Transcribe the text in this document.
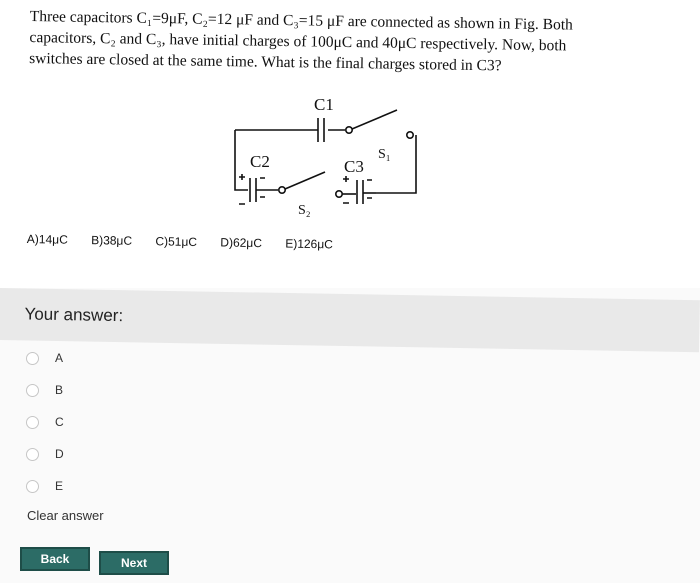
Three capacitors C₁=9μF, C₂=12 μF and C₃=15 μF are connected as shown in Fig. Both

capacitors, C₂ and C₃, have initial charges of 100μC and 40μC respectively. Now, both

switches are closed at the same time. What is the final charges stored in C3?

C1
C2	C3
S₁
S₂
A)14μC B)38μC C)51μC D)62μC E)126μC
Your answer:
A
B
C
D
E
Clear answer
Back	Next
